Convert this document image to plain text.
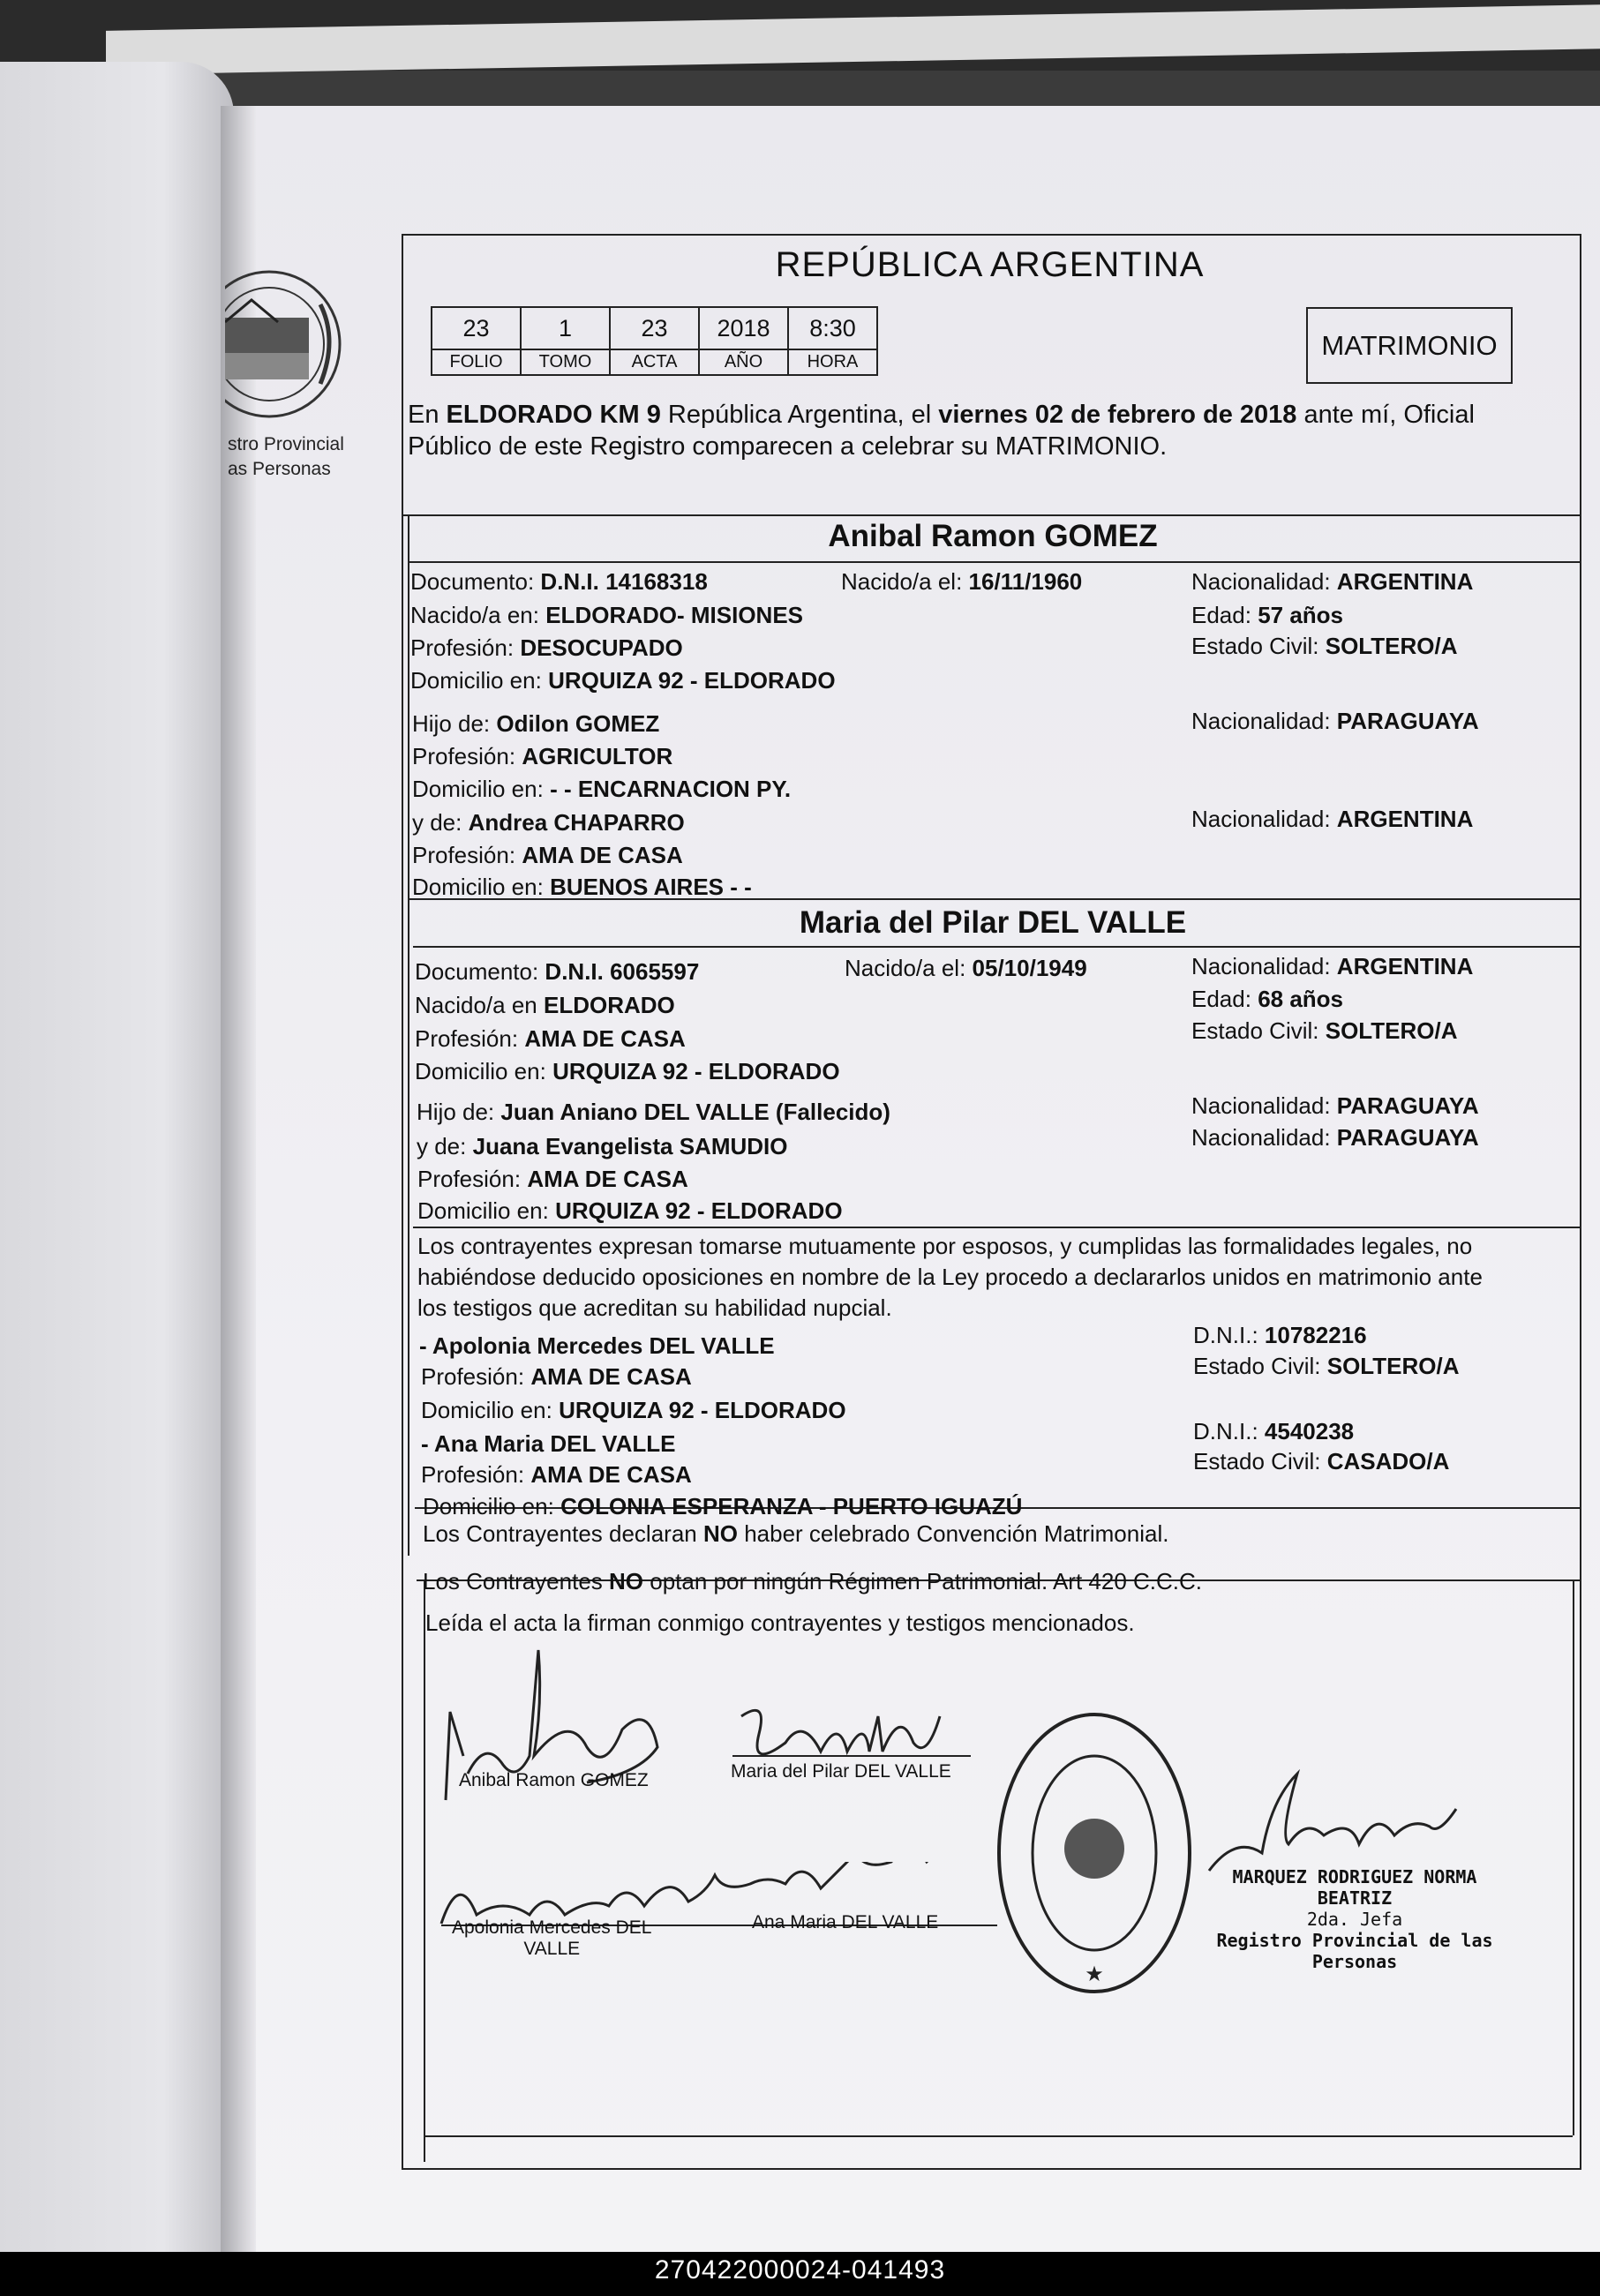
stro Provincial
as Personas
REPÚBLICA ARGENTINA
23	1	23	2018	8:30
FOLIO	TOMO	ACTA	AÑO	HORA
MATRIMONIO
En ELDORADO KM 9 República Argentina, el viernes 02 de febrero de 2018 ante mí, Oficial
Público de este Registro comparecen a celebrar su MATRIMONIO.
Anibal Ramon GOMEZ
Documento: D.N.I. 14168318	Nacido/a el: 16/11/1960	Nacionalidad: ARGENTINA
Nacido/a en: ELDORADO- MISIONES	Edad: 57 años
Profesión: DESOCUPADO	Estado Civil: SOLTERO/A
Domicilio en: URQUIZA 92 - ELDORADO
Hijo de: Odilon GOMEZ	Nacionalidad: PARAGUAYA
Profesión: AGRICULTOR
Domicilio en: - - ENCARNACION PY.
y de: Andrea CHAPARRO	Nacionalidad: ARGENTINA
Profesión: AMA DE CASA
Domicilio en: BUENOS AIRES - -
Maria del Pilar DEL VALLE
Documento: D.N.I. 6065597	Nacido/a el: 05/10/1949	Nacionalidad: ARGENTINA
Nacido/a en ELDORADO	Edad: 68 años
Profesión: AMA DE CASA	Estado Civil: SOLTERO/A
Domicilio en: URQUIZA 92 - ELDORADO
Hijo de: Juan Aniano DEL VALLE (Fallecido)	Nacionalidad: PARAGUAYA
y de: Juana Evangelista SAMUDIO	Nacionalidad: PARAGUAYA
Profesión: AMA DE CASA
Domicilio en: URQUIZA 92 - ELDORADO
Los contrayentes expresan tomarse mutuamente por esposos, y cumplidas las formalidades legales, no
habiéndose deducido oposiciones en nombre de la Ley procedo a declararlos unidos en matrimonio ante
los testigos que acreditan su habilidad nupcial.
- Apolonia Mercedes DEL VALLE	D.N.I.: 10782216
Profesión: AMA DE CASA	Estado Civil: SOLTERO/A
Domicilio en: URQUIZA 92 - ELDORADO
- Ana Maria DEL VALLE	D.N.I.: 4540238
Profesión: AMA DE CASA	Estado Civil: CASADO/A
Domicilio en: COLONIA ESPERANZA - PUERTO IGUAZÚ
Los Contrayentes declaran NO haber celebrado Convención Matrimonial.
Los Contrayentes NO optan por ningún Régimen Patrimonial. Art 420 C.C.C.
Leída el acta la firman conmigo contrayentes y testigos mencionados.
Anibal Ramon GOMEZ	Maria del Pilar DEL VALLE
Apolonia Mercedes DEL
VALLE
Ana Maria DEL VALLE
★
MARQUEZ RODRIGUEZ NORMA BEATRIZ
2da. Jefa
Registro Provincial de las Personas
270422000024-041493
